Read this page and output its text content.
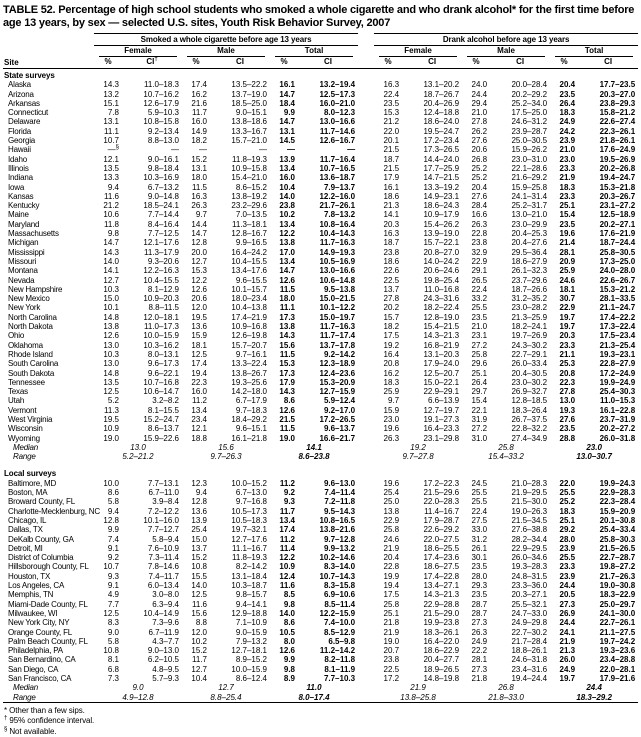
TABLE 52. Percentage of high school students who smoked a whole cigarette and who drank alcohol* for the first time before age 13 years, by sex — selected U.S. sites, Youth Risk Behavior Survey, 2007
Site	Smoked a whole cigarette before age 13 years							Drank alcohol before age 13 years					

	Female		Male		Total			Female		Male		Total	

	%	CI†	%	CI	%	CI		%	CI	%	CI	%	CI
State surveys													
Alaska	14.3	11.0–18.3	17.4	13.5–22.2	16.1	13.2–19.4		16.3	13.1–20.2	24.0	20.0–28.4	20.4	17.7–23.5
Arizona	13.2	10.7–16.2	16.2	13.7–19.0	14.7	12.5–17.3		22.4	18.7–26.7	24.4	20.2–29.2	23.5	20.3–27.0
Arkansas	15.1	12.6–17.9	21.6	18.5–25.0	18.4	16.0–21.0		23.5	20.4–26.9	29.4	25.2–34.0	26.4	23.8–29.3
Connecticut	7.8	5.9–10.3	11.7	9.0–15.1	9.9	8.0–12.3		15.3	12.4–18.8	21.0	17.5–25.0	18.3	15.8–21.2
Delaware	13.1	10.8–15.8	16.0	13.8–18.6	14.7	13.0–16.6		21.2	18.6–24.0	27.8	24.6–31.2	24.9	22.6–27.4
Florida	11.1	9.2–13.4	14.9	13.3–16.7	13.1	11.7–14.6		22.0	19.5–24.7	26.2	23.9–28.7	24.2	22.3–26.1
Georgia	10.7	8.8–13.0	18.2	15.7–21.0	14.5	12.6–16.7		20.1	17.2–23.4	27.6	25.0–30.5	23.9	21.8–26.1
Hawaii	—§	—	—	—	—	—		21.5	17.3–26.5	20.6	15.9–26.2	21.0	17.6–24.9
Idaho	12.1	9.0–16.1	15.2	11.8–19.3	13.9	11.7–16.4		18.7	14.4–24.0	26.8	23.0–31.0	23.0	19.5–26.9
Illinois	13.5	9.8–18.4	13.1	10.9–15.8	13.4	10.7–16.5		21.5	17.7–25.9	25.2	22.1–28.6	23.3	20.2–26.8
Indiana	13.3	10.3–16.9	18.0	15.4–21.0	16.0	13.6–18.7		17.9	14.7–21.5	25.2	21.6–29.2	21.9	19.4–24.7
Iowa	9.4	6.7–13.2	11.5	8.6–15.2	10.4	7.9–13.7		16.1	13.3–19.2	20.4	15.9–25.8	18.3	15.3–21.8
Kansas	11.6	9.0–14.8	16.3	13.8–19.2	14.0	12.2–16.0		18.6	14.9–23.1	27.6	24.1–31.4	23.3	20.3–26.7
Kentucky	21.2	18.5–24.1	26.3	23.2–29.6	23.8	21.7–26.1		21.3	18.6–24.3	28.4	25.2–31.7	25.1	23.1–27.2
Maine	10.6	7.7–14.4	9.7	7.0–13.5	10.2	7.8–13.2		14.1	10.9–17.9	16.6	13.0–21.0	15.4	12.5–18.9
Maryland	11.8	8.4–16.4	14.4	11.3–18.1	13.4	10.8–16.4		20.3	15.4–26.2	26.3	23.0–29.9	23.5	20.2–27.1
Massachusetts	9.8	7.7–12.5	14.7	12.8–16.7	12.2	10.4–14.3		16.3	13.9–19.0	22.8	20.4–25.3	19.6	17.6–21.9
Michigan	14.7	12.1–17.6	12.8	9.9–16.5	13.8	11.7–16.3		18.7	15.7–22.1	23.8	20.4–27.6	21.4	18.7–24.4
Mississippi	14.3	11.3–17.9	20.0	16.4–24.2	17.0	14.9–19.3		23.8	20.8–27.0	32.9	29.5–36.4	28.1	25.8–30.5
Missouri	14.0	9.3–20.6	12.7	10.4–15.5	13.4	10.5–16.9		18.6	14.0–24.2	22.9	18.6–27.9	20.9	17.3–25.0
Montana	14.1	12.2–16.3	15.3	13.4–17.6	14.7	13.0–16.6		22.6	20.6–24.6	29.1	26.1–32.3	25.9	24.0–28.0
Nevada	12.7	10.4–15.5	12.2	9.6–15.5	12.6	10.6–14.8		22.5	19.8–25.4	26.5	23.7–29.6	24.6	22.6–26.7
New Hampshire	10.3	8.1–12.9	12.6	10.1–15.7	11.5	9.5–13.8		13.7	11.0–16.8	22.4	18.7–26.6	18.1	15.3–21.2
New Mexico	15.0	10.9–20.3	20.6	18.0–23.4	18.0	15.0–21.5		27.8	24.3–31.6	33.2	31.2–35.2	30.7	28.1–33.5
New York	10.1	8.8–11.5	12.0	10.4–13.8	11.1	10.1–12.2		20.2	18.2–22.4	25.5	23.0–28.2	22.9	21.1–24.7
North Carolina	14.8	12.0–18.1	19.5	17.4–21.9	17.3	15.0–19.7		15.7	12.8–19.0	23.5	21.3–25.9	19.7	17.4–22.2
North Dakota	13.8	11.0–17.3	13.6	10.9–16.8	13.8	11.7–16.3		18.2	15.4–21.5	21.0	18.2–24.1	19.7	17.3–22.4
Ohio	12.6	10.0–15.9	15.9	12.6–19.8	14.3	11.7–17.4		17.5	14.3–21.3	23.1	19.7–26.9	20.3	17.5–23.4
Oklahoma	13.0	10.3–16.2	18.1	15.7–20.7	15.6	13.7–17.8		19.2	16.8–21.9	27.2	24.3–30.2	23.3	21.3–25.4
Rhode Island	10.3	8.0–13.1	12.5	9.7–16.1	11.5	9.2–14.2		16.4	13.1–20.3	25.8	22.7–29.1	21.1	19.3–23.1
South Carolina	13.0	9.6–17.3	17.4	13.3–22.4	15.3	12.3–18.9		20.8	17.9–24.0	29.6	26.0–33.4	25.3	22.8–27.9
South Dakota	14.8	9.6–22.1	19.4	13.8–26.7	17.3	12.4–23.6		16.2	12.5–20.7	25.1	20.4–30.5	20.8	17.2–24.9
Tennessee	13.5	10.7–16.8	22.3	19.3–25.6	17.9	15.3–20.9		18.3	15.0–22.1	26.4	23.0–30.2	22.3	19.9–24.9
Texas	12.5	10.6–14.7	16.0	14.2–18.0	14.3	12.7–15.9		25.9	22.9–29.1	29.7	26.9–32.7	27.8	25.4–30.3
Utah	5.2	3.2–8.2	11.2	6.7–17.9	8.6	5.9–12.4		9.7	6.6–13.9	15.4	12.8–18.5	13.0	11.0–15.3
Vermont	11.3	8.1–15.5	13.4	9.7–18.3	12.6	9.2–17.0		15.9	12.7–19.7	22.1	18.3–26.4	19.3	16.1–22.8
West Virginia	19.5	15.2–24.7	23.4	18.4–29.2	21.5	17.2–26.5		23.0	19.1–27.3	31.9	26.7–37.5	27.6	23.7–31.9
Wisconsin	10.9	8.6–13.7	12.1	9.6–15.1	11.5	9.6–13.7		19.6	16.4–23.3	27.2	22.8–32.2	23.5	20.2–27.2
Wyoming	19.0	15.9–22.6	18.8	16.1–21.8	19.0	16.6–21.7		26.3	23.1–29.8	31.0	27.4–34.9	28.8	26.0–31.8
Median	13.0		15.6		14.1			19.2		25.8		23.0	
Range	5.2–21.2		9.7–26.3		8.6–23.8			9.7–27.8		15.4–33.2		13.0–30.7	
Local surveys													
Baltimore, MD	10.0	7.7–13.1	12.3	10.0–15.2	11.2	9.6–13.0		19.6	17.2–22.3	24.5	21.0–28.3	22.0	19.9–24.3
Boston, MA	8.6	6.7–11.0	9.4	6.7–13.0	9.2	7.4–11.4		25.4	21.5–29.6	25.5	21.9–29.5	25.5	22.9–28.3
Broward County, FL	5.8	3.9–8.4	12.8	9.7–16.8	9.3	7.2–11.8		25.0	22.0–28.3	25.5	21.5–30.0	25.2	22.3–28.4
Charlotte-Mecklenburg, NC	9.4	7.2–12.2	13.6	10.5–17.3	11.7	9.5–14.3		13.8	11.4–16.7	22.4	19.0–26.3	18.3	15.9–20.9
Chicago, IL	12.8	10.1–16.0	13.9	10.5–18.3	13.4	10.8–16.5		22.9	17.9–28.7	27.5	21.5–34.5	25.1	20.1–30.8
Dallas, TX	9.9	7.7–12.7	25.4	19.7–32.1	17.4	13.8–21.6		25.8	22.6–29.2	33.0	27.6–38.8	29.2	25.4–33.4
DeKalb County, GA	7.4	5.8–9.4	15.0	12.7–17.6	11.2	9.7–12.8		24.6	22.0–27.5	31.2	28.2–34.4	28.0	25.8–30.3
Detroit, MI	9.1	7.6–10.9	13.7	11.1–16.7	11.4	9.9–13.2		21.9	18.6–25.5	26.1	22.9–29.5	23.9	21.5–26.5
District of Columbia	9.2	7.3–11.4	15.2	11.8–19.3	12.2	10.2–14.6		20.4	17.4–23.6	30.1	26.0–34.6	25.5	22.7–28.7
Hillsborough County, FL	10.7	7.8–14.6	10.8	8.2–14.2	10.9	8.3–14.0		22.8	18.6–27.5	23.5	19.3–28.3	23.3	19.8–27.2
Houston, TX	9.3	7.4–11.7	15.5	13.1–18.4	12.4	10.7–14.3		19.9	17.4–22.8	28.0	24.8–31.5	23.9	21.7–26.3
Los Angeles, CA	9.1	6.0–13.4	14.0	10.3–18.7	11.6	8.3–15.8		19.4	13.4–27.1	29.3	23.3–36.0	24.4	19.0–30.8
Memphis, TN	4.9	3.0–8.0	12.5	9.8–15.7	8.5	6.9–10.6		17.5	14.3–21.3	23.5	20.3–27.1	20.5	18.3–22.9
Miami-Dade County, FL	7.7	6.3–9.4	11.6	9.4–14.1	9.8	8.5–11.4		25.8	22.9–28.8	28.7	25.5–32.1	27.3	25.0–29.7
Milwaukee, WI	12.5	10.4–14.9	15.6	12.9–18.8	14.0	12.2–15.9		25.1	21.5–29.0	28.7	24.7–33.0	26.9	24.1–30.0
New York City, NY	8.3	7.3–9.6	8.8	7.1–10.9	8.6	7.4–10.0		21.8	19.9–23.8	27.3	24.9–29.8	24.4	22.7–26.1
Orange County, FL	9.0	6.7–11.9	12.0	9.0–15.9	10.5	8.5–12.9		21.9	18.3–26.1	26.3	22.7–30.2	24.1	21.1–27.5
Palm Beach County, FL	5.8	4.3–7.7	10.2	7.9–13.2	8.0	6.5–9.8		19.0	16.4–22.0	24.9	21.7–28.4	21.9	19.7–24.2
Philadelphia, PA	10.8	9.0–13.0	15.2	12.7–18.1	12.6	11.2–14.2		20.7	18.6–22.9	22.2	18.8–26.1	21.3	19.3–23.6
San Bernardino, CA	8.1	6.2–10.5	11.7	8.9–15.2	9.9	8.2–11.8		23.8	20.4–27.7	28.1	24.6–31.8	26.0	23.4–28.8
San Diego, CA	6.8	4.8–9.5	12.7	10.0–15.9	9.8	8.1–11.9		22.5	18.9–26.5	27.3	23.4–31.6	24.9	22.0–28.1
San Francisco, CA	7.3	5.7–9.3	10.4	8.6–12.4	8.9	7.7–10.3		17.2	14.8–19.8	21.8	19.4–24.4	19.7	17.9–21.6
Median	9.0		12.7		11.0			21.9		26.8		24.4	
Range	4.9–12.8		8.8–25.4		8.0–17.4			13.8–25.8		21.8–33.0		18.3–29.2	
* Other than a few sips.
† 95% confidence interval.
§ Not available.
